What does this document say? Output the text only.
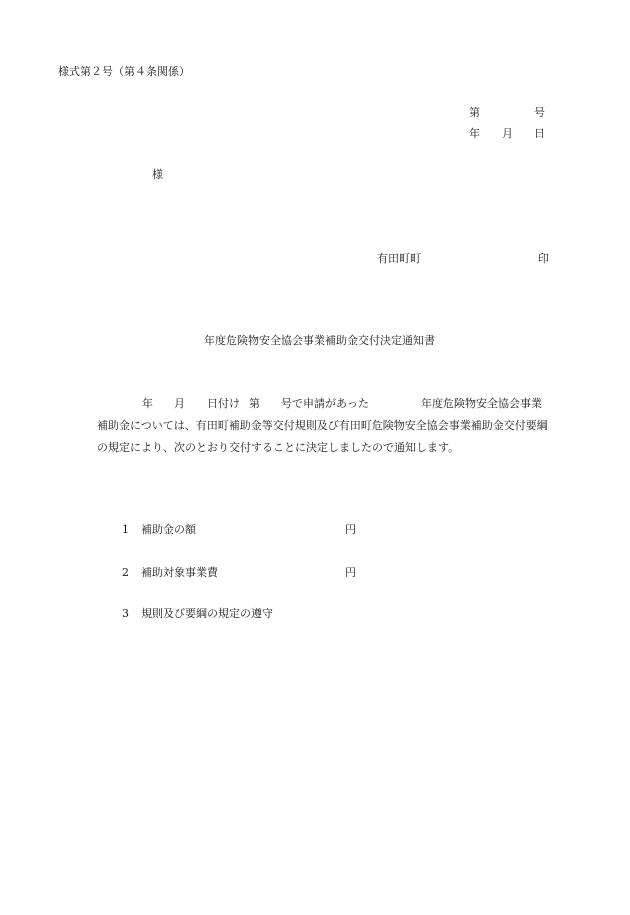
様式第２号（第４条関係）
第	号
年 月 日
様
有田町町	印
年度危険物安全協会事業補助金交付決定通知書
年 月 日付け 第 号で申請があった	年度危険物安全協会事業
補助金については、有田町補助金等交付規則及び有田町危険物安全協会事業補助金交付要綱
の規定により、次のとおり交付することに決定しましたので通知します。
1 補助金の額	円
2 補助対象事業費	円
3 規則及び要綱の規定の遵守
